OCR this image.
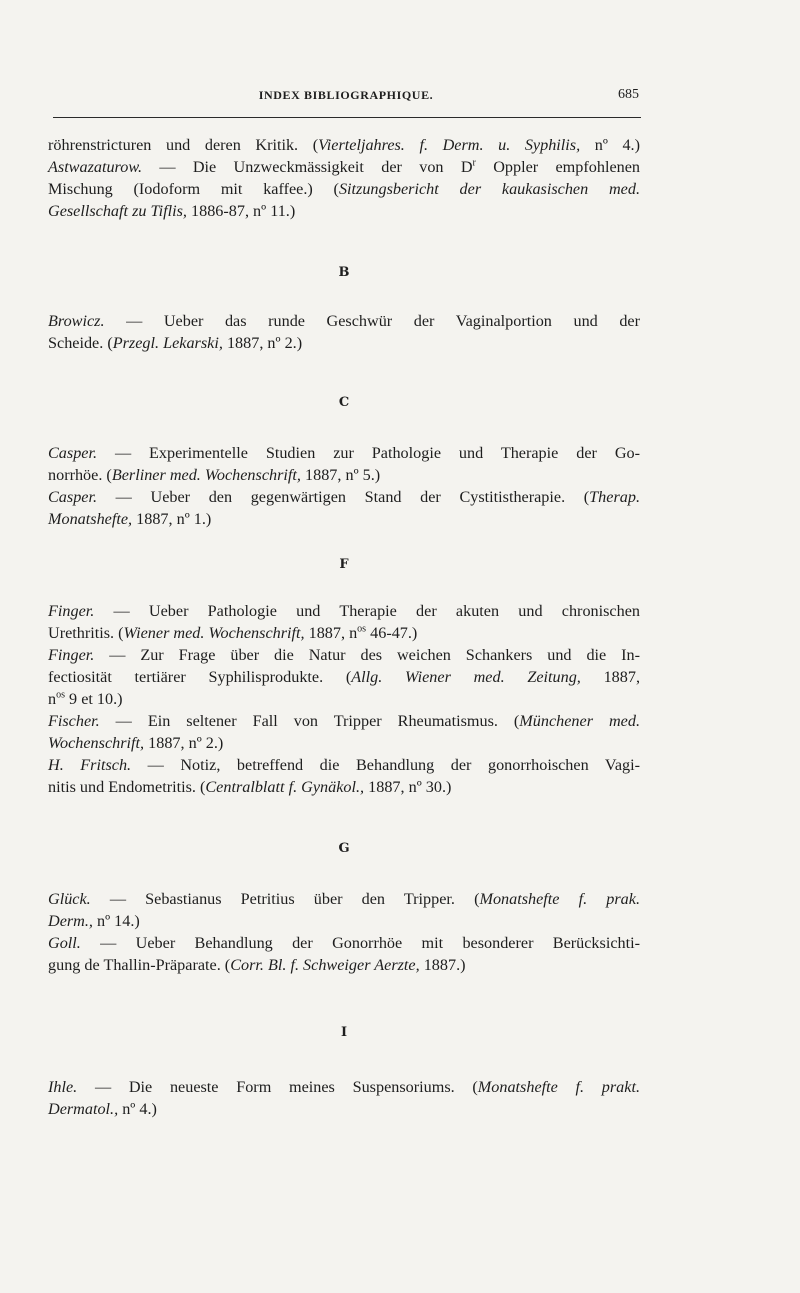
INDEX BIBLIOGRAPHIQUE.	685
röhrenstricturen und deren Kritik. (Vierteljahres. f. Derm. u. Syphilis, nº 4.)
Astwazaturow. — Die Unzweckmässigkeit der von $D^r$ Oppler empfohlenen
Mischung (Iodoform mit kaffee.) (Sitzungsbericht der kaukasischen med.
Gesellschaft zu Tiflis, 1886-87, nº 11.)
B
Browicz. — Ueber das runde Geschwür der Vaginalportion und der
Scheide. (Przegl. Lekarski, 1887, nº 2.)
C
Casper. — Experimentelle Studien zur Pathologie und Therapie der Go-
norrhöe. (Berliner med. Wochenschrift, 1887, nº 5.)
Casper. — Ueber den gegenwärtigen Stand der Cystitistherapie. (Therap.
Monatshefte, 1887, nº 1.)
F
Finger. — Ueber Pathologie und Therapie der akuten und chronischen
Urethritis. (Wiener med. Wochenschrift, 1887, $n^{os}$ 46-47.)
Finger. — Zur Frage über die Natur des weichen Schankers und die In-
fectiosität tertiärer Syphilisprodukte. (Allg. Wiener med. Zeitung, 1887,
$n^{os}$ 9 et 10.)
Fischer. — Ein seltener Fall von Tripper Rheumatismus. (Münchener med.
Wochenschrift, 1887, nº 2.)
H. Fritsch. — Notiz, betreffend die Behandlung der gonorrhoischen Vagi-
nitis und Endometritis. (Centralblatt f. Gynäkol., 1887, nº 30.)
G
Glück. — Sebastianus Petritius über den Tripper. (Monatshefte f. prak.
Derm., nº 14.)
Goll. — Ueber Behandlung der Gonorrhöe mit besonderer Berücksichti-
gung de Thallin-Präparate. (Corr. Bl. f. Schweiger Aerzte, 1887.)
I
Ihle. — Die neueste Form meines Suspensoriums. (Monatshefte f. prakt.
Dermatol., nº 4.)
